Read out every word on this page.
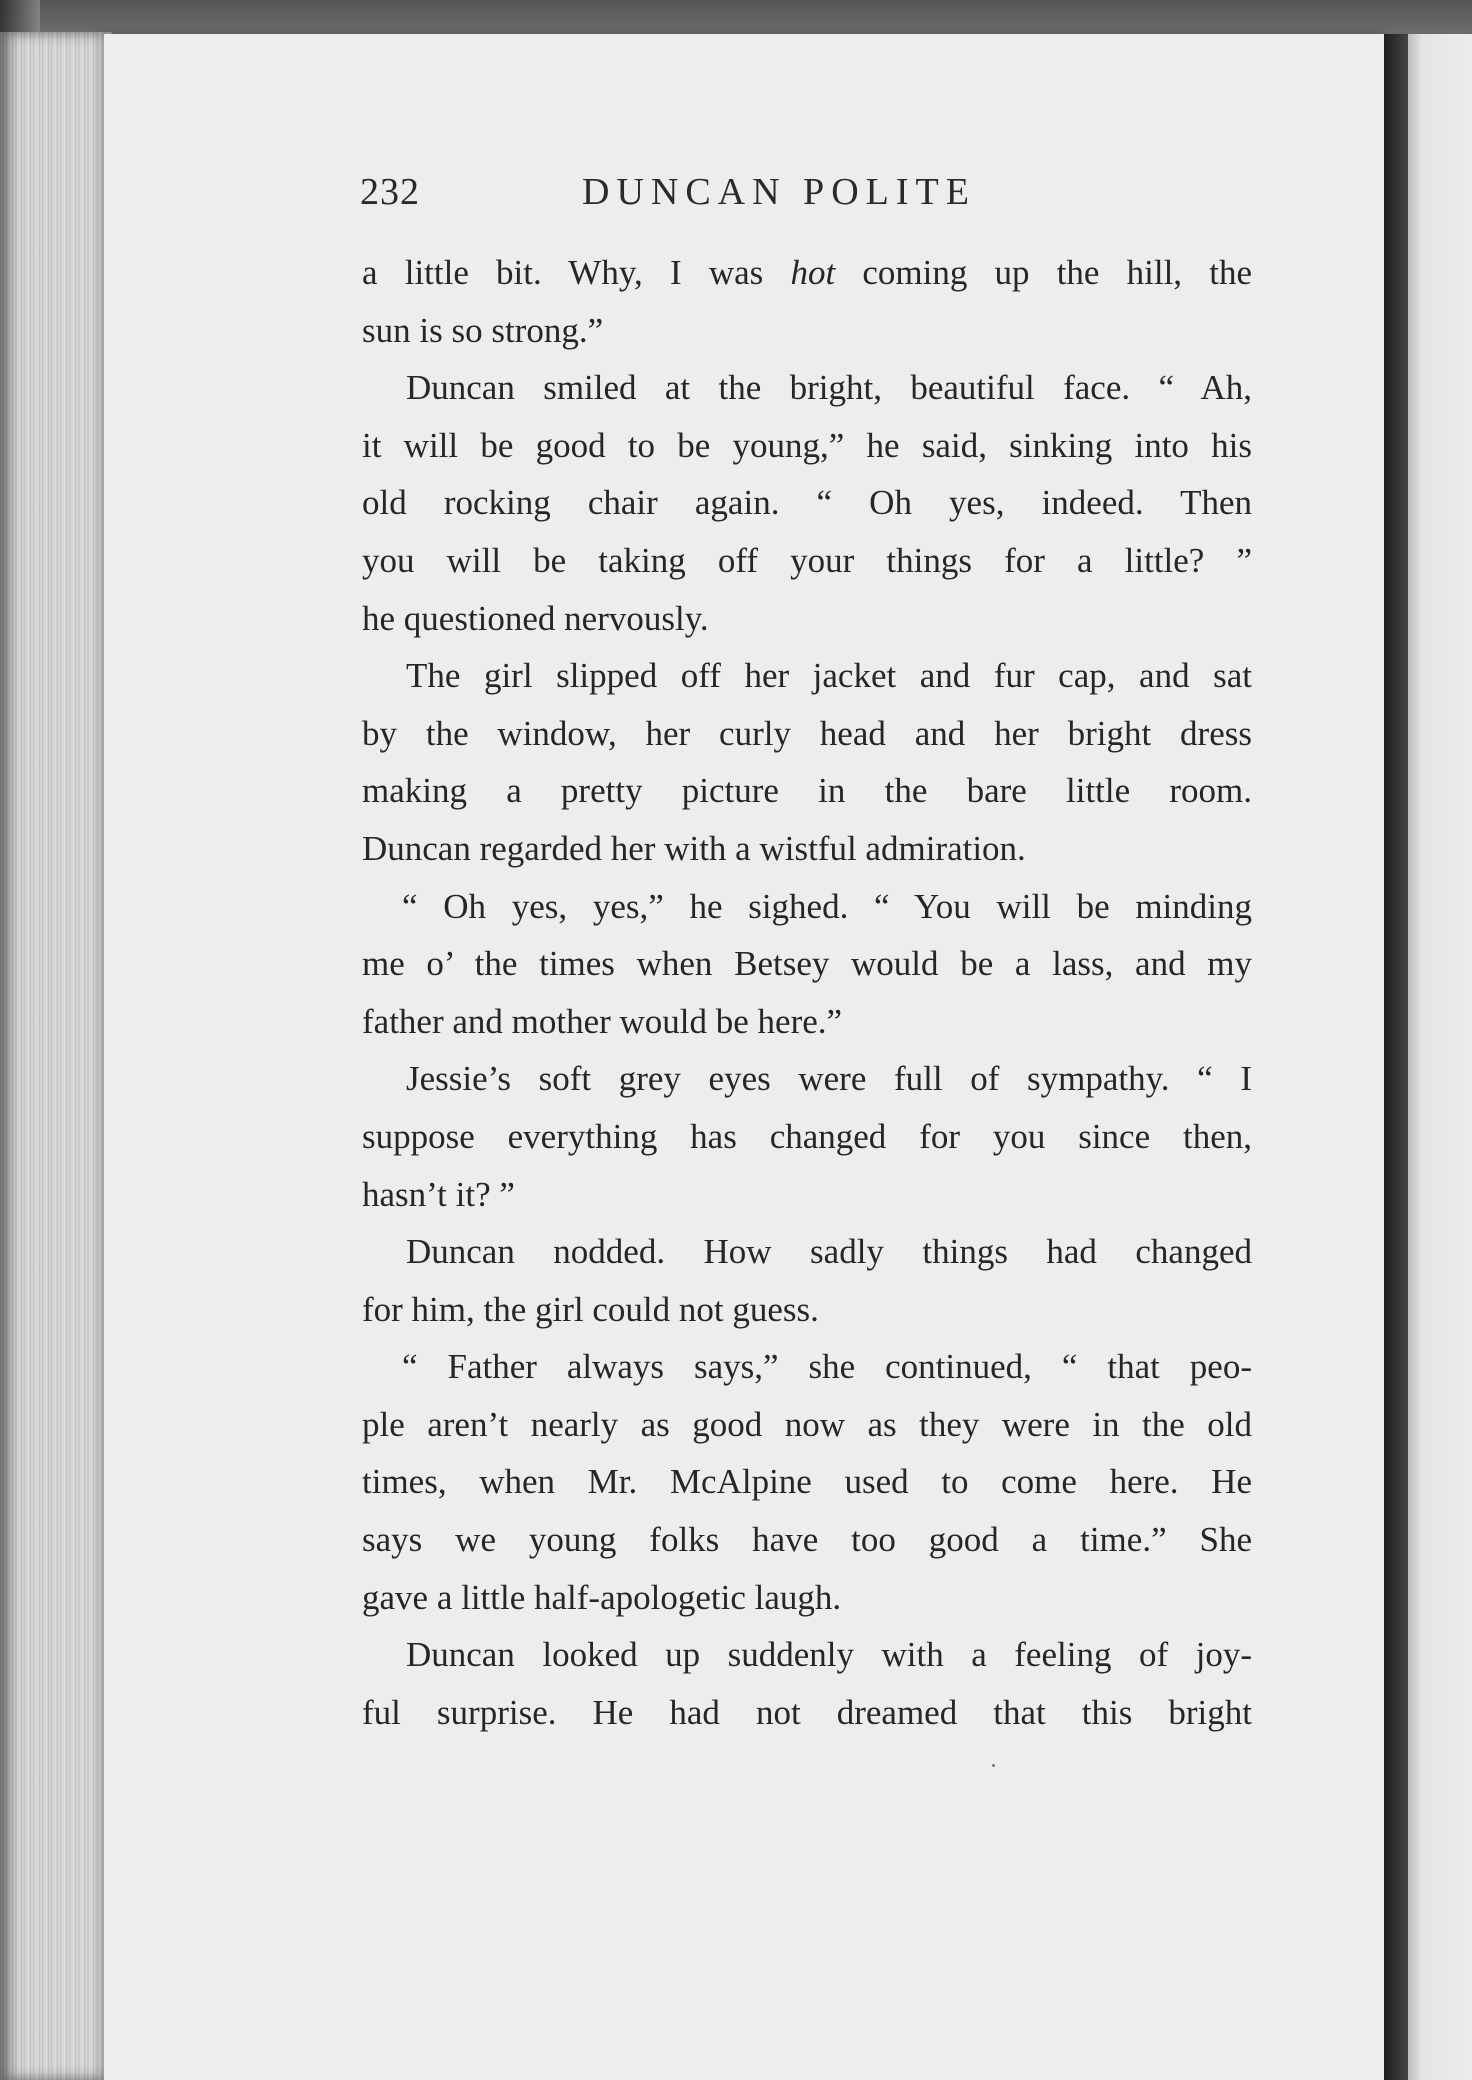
232	DUNCAN POLITE
a little bit. Why, I was hot coming up the hill, the
sun is so strong.”
Duncan smiled at the bright, beautiful face. “ Ah,
it will be good to be young,” he said, sinking into his
old rocking chair again. “ Oh yes, indeed. Then
you will be taking off your things for a little? ”
he questioned nervously.
The girl slipped off her jacket and fur cap, and sat
by the window, her curly head and her bright dress
making a pretty picture in the bare little room.
Duncan regarded her with a wistful admiration.
“ Oh yes, yes,” he sighed. “ You will be minding
me o’ the times when Betsey would be a lass, and my
father and mother would be here.”
Jessie’s soft grey eyes were full of sympathy. “ I
suppose everything has changed for you since then,
hasn’t it? ”
Duncan nodded. How sadly things had changed
for him, the girl could not guess.
“ Father always says,” she continued, “ that peo-
ple aren’t nearly as good now as they were in the old
times, when Mr. McAlpine used to come here. He
says we young folks have too good a time.” She
gave a little half-apologetic laugh.
Duncan looked up suddenly with a feeling of joy-
ful surprise. He had not dreamed that this bright
